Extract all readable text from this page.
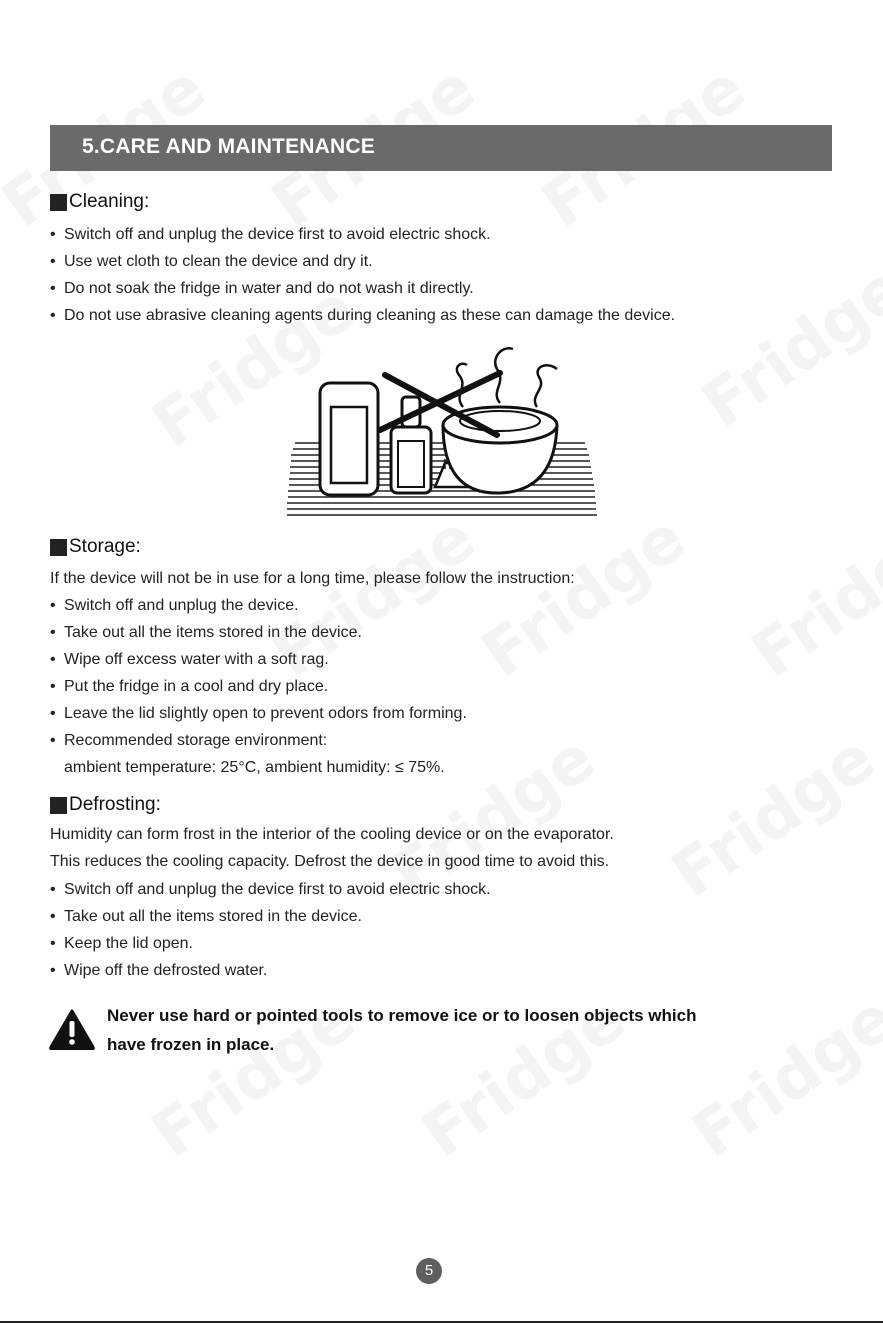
5.CARE AND MAINTENANCE
Cleaning:
• Switch off and unplug the device first to avoid electric shock.
• Use wet cloth to clean the device and dry it.
• Do not soak the fridge in water and do not wash it directly.
• Do not use abrasive cleaning agents during cleaning as these can damage the device.
Storage:
If the device will not be in use for a long time, please follow the instruction:
• Switch off and unplug the device.
• Take out all the items stored in the device.
• Wipe off excess water with a soft rag.
• Put the fridge in a cool and dry place.
• Leave the lid slightly open to prevent odors from forming.
• Recommended storage environment:
ambient temperature: 25°C, ambient humidity: ≤ 75%.
Defrosting:
Humidity can form frost in the interior of the cooling device or on the evaporator.
This reduces the cooling capacity. Defrost the device in good time to avoid this.
• Switch off and unplug the device first to avoid electric shock.
• Take out all the items stored in the device.
• Keep the lid open.
• Wipe off the defrosted water.
Never use hard or pointed tools to remove ice or to loosen objects which
have frozen in place.
5
